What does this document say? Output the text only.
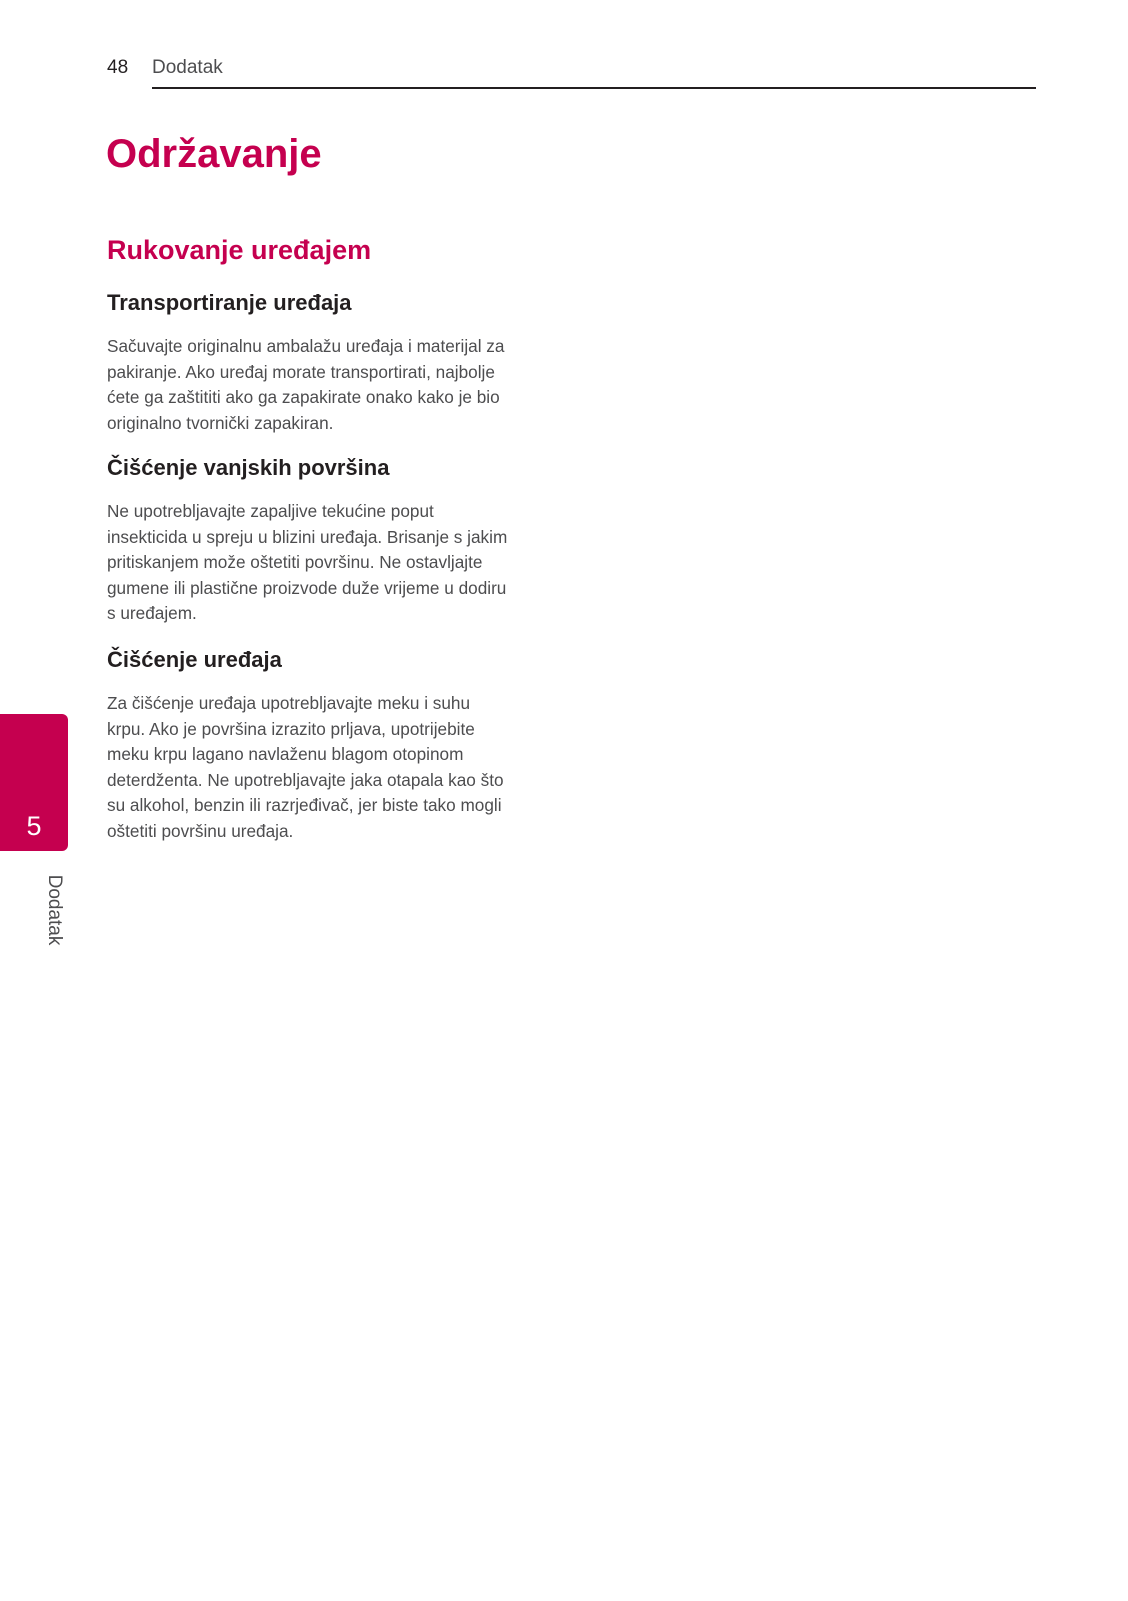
48 Dodatak
Održavanje
Rukovanje uređajem
Transportiranje uređaja

Sačuvajte originalnu ambalažu uređaja i materijal za
pakiranje. Ako uređaj morate transportirati, najbolje
ćete ga zaštititi ako ga zapakirate onako kako je bio
originalno tvornički zapakiran.

Čišćenje vanjskih površina

Ne upotrebljavajte zapaljive tekućine poput
insekticida u spreju u blizini uređaja. Brisanje s jakim
pritiskanjem može oštetiti površinu. Ne ostavljajte
gumene ili plastične proizvode duže vrijeme u dodiru
s uređajem.

Čišćenje uređaja

Za čišćenje uređaja upotrebljavajte meku i suhu
krpu. Ako je površina izrazito prljava, upotrijebite
meku krpu lagano navlaženu blagom otopinom
deterdženta. Ne upotrebljavajte jaka otapala kao što
su alkohol, benzin ili razrjeđivač, jer biste tako mogli
oštetiti površinu uređaja.

5
Dodatak
